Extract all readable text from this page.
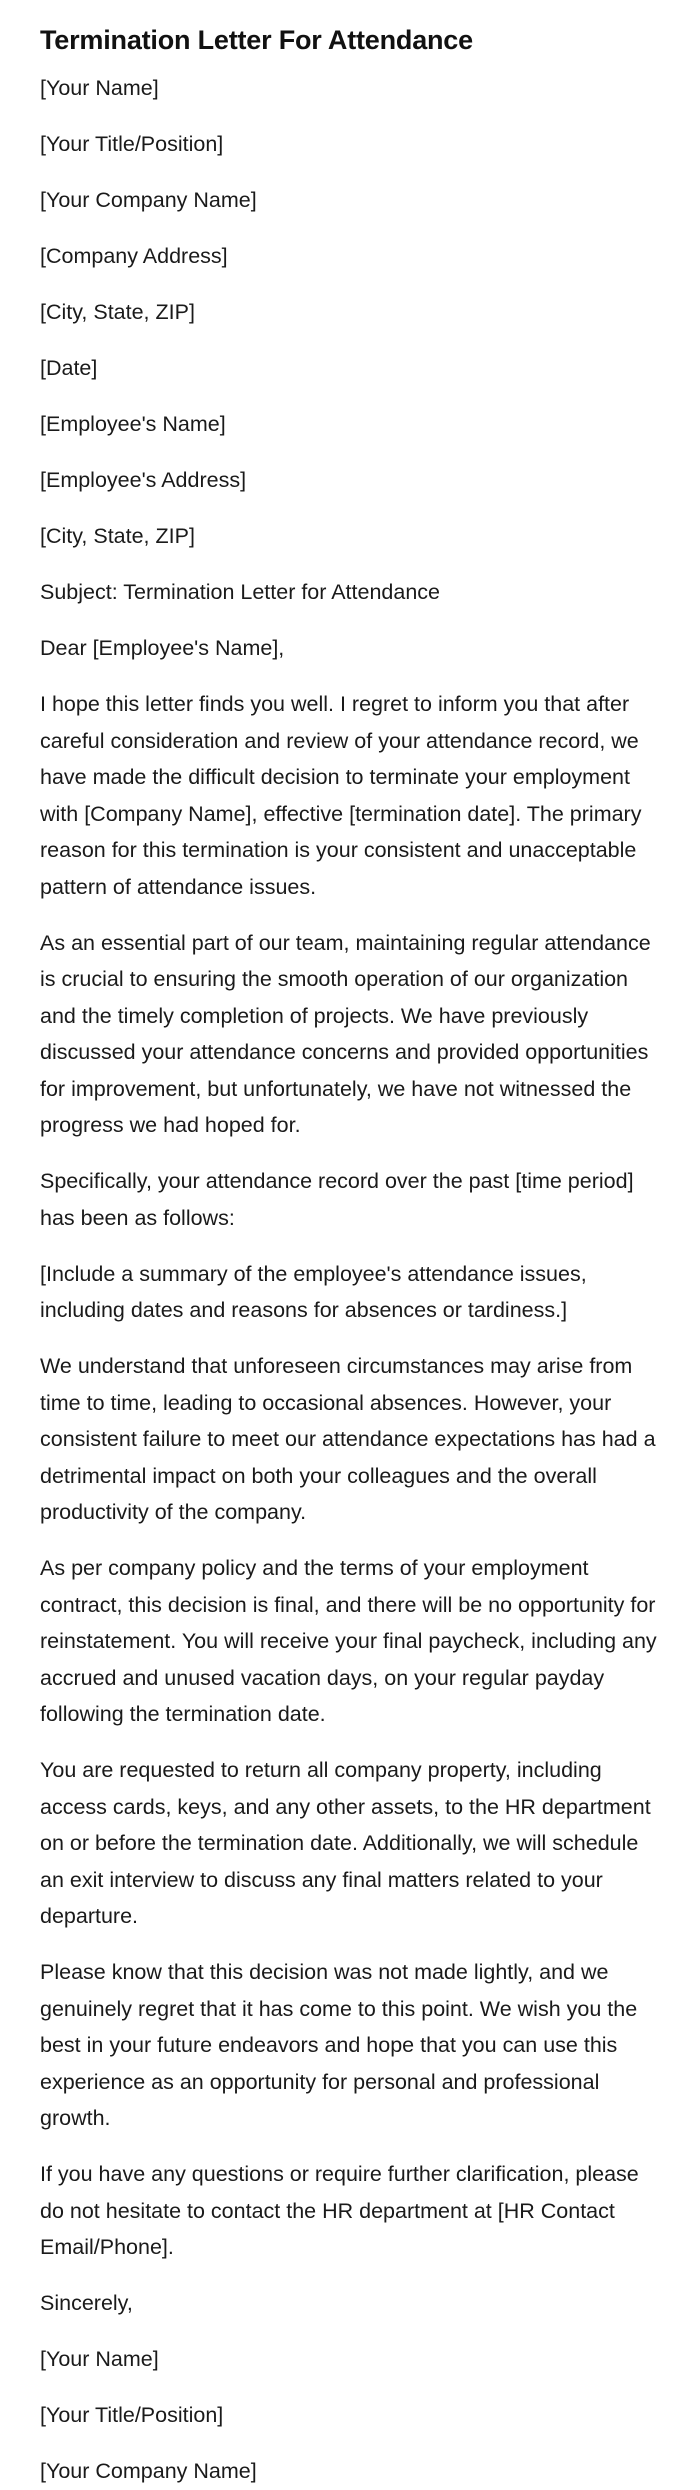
Termination Letter For Attendance
[Your Name]
[Your Title/Position]
[Your Company Name]
[Company Address]
[City, State, ZIP]
[Date]
[Employee's Name]
[Employee's Address]
[City, State, ZIP]
Subject: Termination Letter for Attendance
Dear [Employee's Name],

I hope this letter finds you well. I regret to inform you that after careful consideration and review of your attendance record, we have made the difficult decision to terminate your employment with [Company Name], effective [termination date]. The primary reason for this termination is your consistent and unacceptable pattern of attendance issues.

As an essential part of our team, maintaining regular attendance is crucial to ensuring the smooth operation of our organization and the timely completion of projects. We have previously discussed your attendance concerns and provided opportunities for improvement, but unfortunately, we have not witnessed the progress we had hoped for.

Specifically, your attendance record over the past [time period] has been as follows:

[Include a summary of the employee's attendance issues, including dates and reasons for absences or tardiness.]

We understand that unforeseen circumstances may arise from time to time, leading to occasional absences. However, your consistent failure to meet our attendance expectations has had a detrimental impact on both your colleagues and the overall productivity of the company.

As per company policy and the terms of your employment contract, this decision is final, and there will be no opportunity for reinstatement. You will receive your final paycheck, including any accrued and unused vacation days, on your regular payday following the termination date.

You are requested to return all company property, including access cards, keys, and any other assets, to the HR department on or before the termination date. Additionally, we will schedule an exit interview to discuss any final matters related to your departure.

Please know that this decision was not made lightly, and we genuinely regret that it has come to this point. We wish you the best in your future endeavors and hope that you can use this experience as an opportunity for personal and professional growth.

If you have any questions or require further clarification, please do not hesitate to contact the HR department at [HR Contact Email/Phone].

Sincerely,
[Your Name]
[Your Title/Position]
[Your Company Name]
